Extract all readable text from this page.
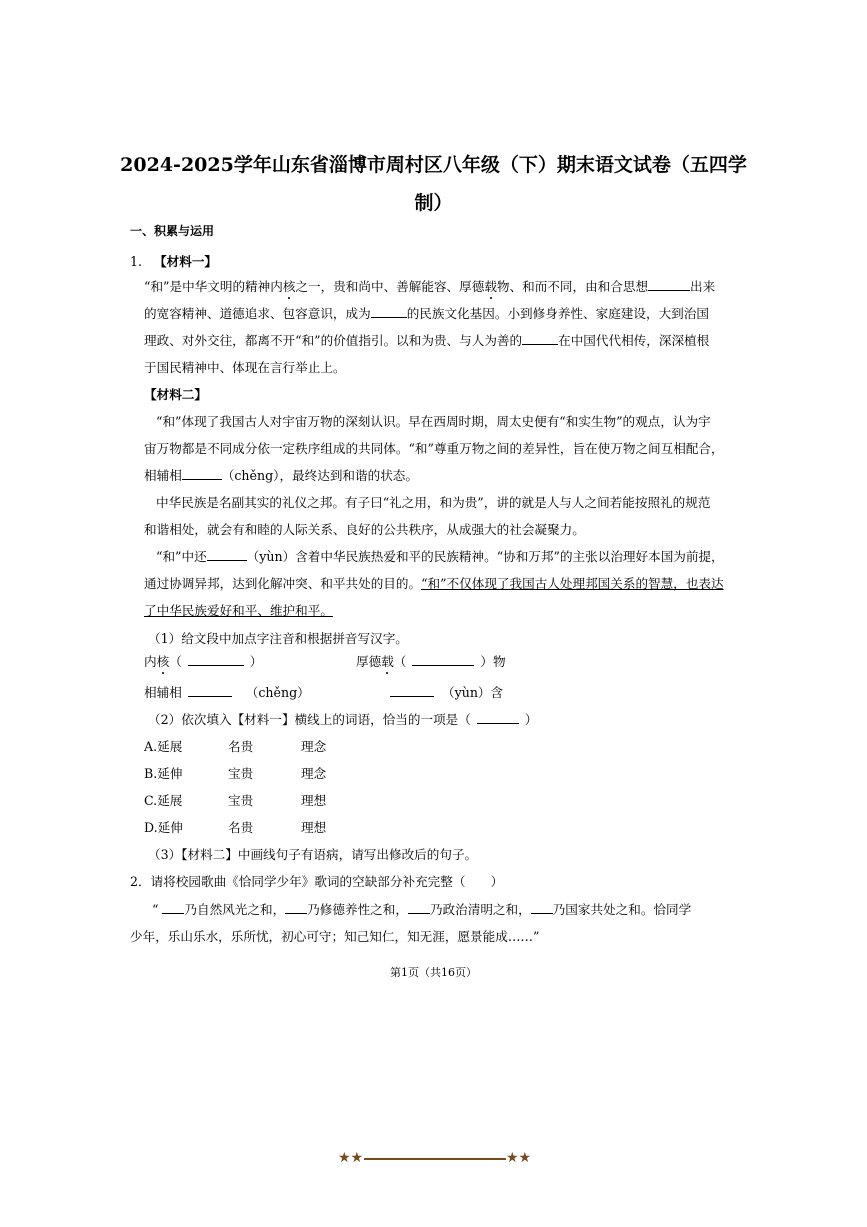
2024-2025学年山东省淄博市周村区八年级（下）期末语文试卷（五四学
制）
一、积累与运用
1. 【材料一】
“和”是中华文明的精神内核之一，贵和尚中、善解能容、厚德载物、和而不同，由和合思想	出来
的宽容精神、道德追求、包容意识，成为	的民族文化基因。小到修身养性、家庭建设，大到治国
理政、对外交往，都离不开“和”的价值指引。以和为贵、与人为善的	在中国代代相传，深深植根
于国民精神中、体现在言行举止上。
【材料二】
“和”体现了我国古人对宇宙万物的深刻认识。早在西周时期，周太史便有“和实生物”的观点，认为宇
宙万物都是不同成分依一定秩序组成的共同体。“和”尊重万物之间的差异性，旨在使万物之间互相配合，
相辅相	（chěng），最终达到和谐的状态。
中华民族是名副其实的礼仪之邦。有子曰“礼之用，和为贵”，讲的就是人与人之间若能按照礼的规范
和谐相处，就会有和睦的人际关系、良好的公共秩序，从成强大的社会凝聚力。
“和”中还	（yùn）含着中华民族热爱和平的民族精神。“协和万邦”的主张以治理好本国为前提，
通过协调异邦，达到化解冲突、和平共处的目的。“和”不仅体现了我国古人处理邦国关系的智慧，也表达
了中华民族爱好和平、维护和平。
（1）给文段中加点字注音和根据拼音写汉字。
内核（	）	厚德载（	）物
相辅相	（chěng）	（yùn）含
（2）依次填入【材料一】横线上的词语，恰当的一项是（	）
A.延展	名贵	理念
B.延伸	宝贵	理念
C.延展	宝贵	理想
D.延伸	名贵	理想
（3）【材料二】中画线句子有语病，请写出修改后的句子。
2．请将校园歌曲《恰同学少年》歌词的空缺部分补充完整（　　）
“ 乃自然风光之和， 乃修德养性之和， 乃政治清明之和， 乃国家共处之和。恰同学
少年，乐山乐水，乐所忧，初心可守；知己知仁，知无涯，愿景能成……”
第1页（共16页）
★★	★★
